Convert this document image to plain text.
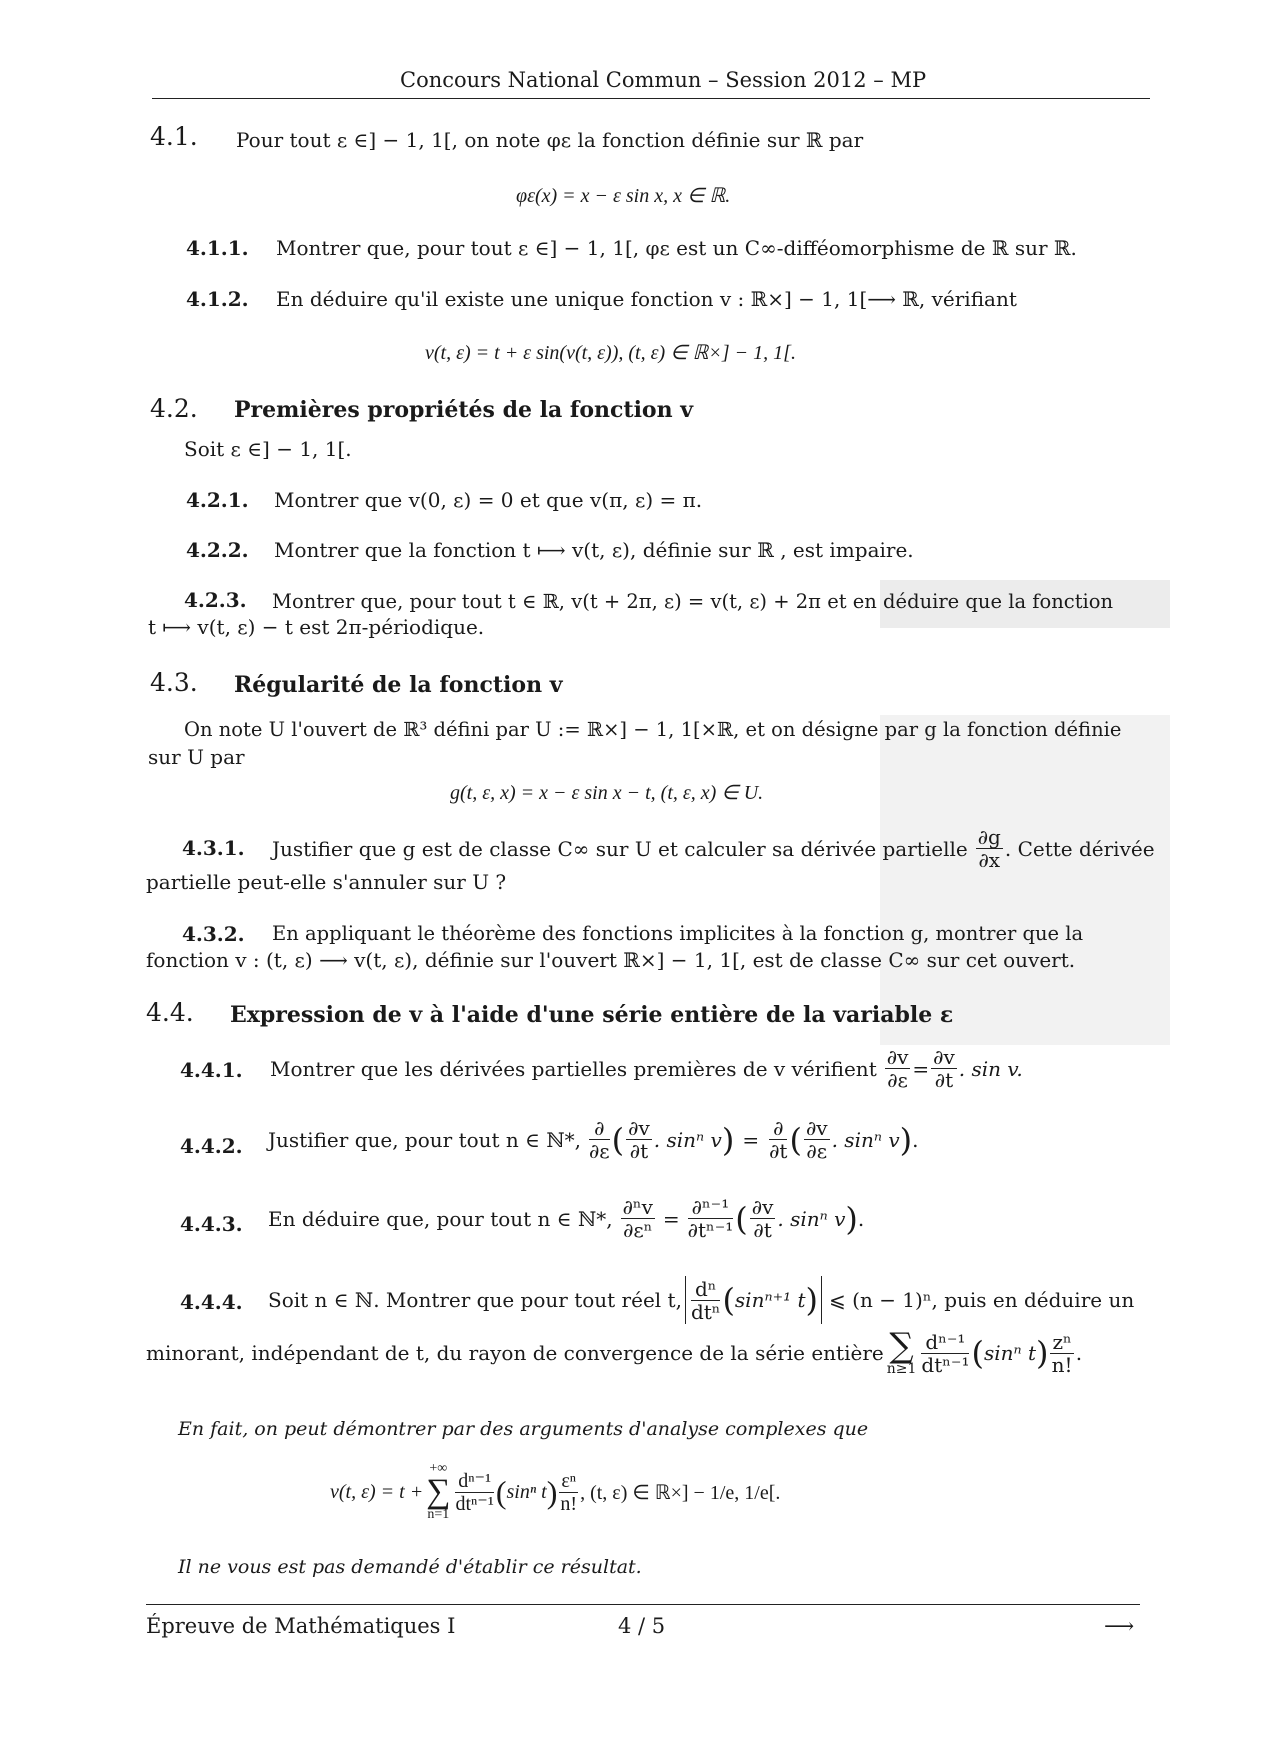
Concours National Commun – Session 2012 – MP
4.1. Pour tout ε ∈] − 1, 1[, on note φε la fonction définie sur ℝ par
φε(x) = x − ε sin x, x ∈ ℝ.
4.1.1. Montrer que, pour tout ε ∈] − 1, 1[, φε est un C∞-difféomorphisme de ℝ sur ℝ.
4.1.2. En déduire qu'il existe une unique fonction v : ℝ×] − 1, 1[⟶ ℝ, vérifiant
v(t, ε) = t + ε sin(v(t, ε)), (t, ε) ∈ ℝ×] − 1, 1[.
4.2. Premières propriétés de la fonction v
Soit ε ∈] − 1, 1[.
4.2.1. Montrer que v(0, ε) = 0 et que v(π, ε) = π.
4.2.2. Montrer que la fonction t ⟼ v(t, ε), définie sur ℝ , est impaire.
4.2.3. Montrer que, pour tout t ∈ ℝ, v(t + 2π, ε) = v(t, ε) + 2π et en déduire que la fonction
t ⟼ v(t, ε) − t est 2π-périodique.
4.3. Régularité de la fonction v
On note U l'ouvert de ℝ³ défini par U := ℝ×] − 1, 1[×ℝ, et on désigne par g la fonction définie
sur U par
g(t, ε, x) = x − ε sin x − t, (t, ε, x) ∈ U.
4.3.1. Justifier que g est de classe C∞ sur U et calculer sa dérivée partielle $\frac{\partial g}{\partial x}$ . Cette dérivée
partielle peut-elle s'annuler sur U ?
4.3.2. En appliquant le théorème des fonctions implicites à la fonction g, montrer que la
fonction v : (t, ε) ⟶ v(t, ε), définie sur l'ouvert ℝ×] − 1, 1[, est de classe C∞ sur cet ouvert.
4.4. Expression de v à l'aide d'une série entière de la variable ε
4.4.1. Montrer que les dérivées partielles premières de v vérifient $\frac{\partial v}{\partial\varepsilon} = \frac{\partial v}{\partial t}$ . sin v.
4.4.2. Justifier que, pour tout n ∈ ℕ*, $\frac{\partial}{\partial\varepsilon}$ ( $\frac{\partial v}{\partial t}$ . sinⁿ v ) = $\frac{\partial}{\partial t}$ ( $\frac{\partial v}{\partial\varepsilon}$ . sinⁿ v ) .
4.4.3. En déduire que, pour tout n ∈ ℕ*, $\frac{\text{∂ⁿv}}{\text{∂εⁿ}} = \frac{\text{∂ⁿ⁻¹}}{\text{∂tⁿ⁻¹}}$ ( $\frac{\partial v}{\partial t}$ . sinⁿ v ) .
4.4.4. Soit n ∈ ℕ. Montrer que pour tout réel t, $\frac{\text{dⁿ}}{\text{dtⁿ}}$ ( sinⁿ⁺¹ t ) ⩽ (n − 1)ⁿ, puis en déduire un
minorant, indépendant de t, du rayon de convergence de la série entière ∑
$n\ge 1 \frac{\text{dⁿ⁻¹}}{\text{dtⁿ⁻¹}}$ ( sinⁿ t ) $\frac{\text{zⁿ}}{n!}$ .
En fait, on peut démontrer par des arguments d'analyse complexes que
v(t, ε) = t +
+∞
∑
$n=1 \frac{\text{dⁿ⁻¹}}{\text{dtⁿ⁻¹}}$ ( sinⁿ t ) $\frac{\text{εⁿ}}{n!}$ , (t, ε) ∈ ℝ×] − 1/e, 1/e[.
Il ne vous est pas demandé d'établir ce résultat.
Épreuve de Mathématiques I	4 / 5	⟶
